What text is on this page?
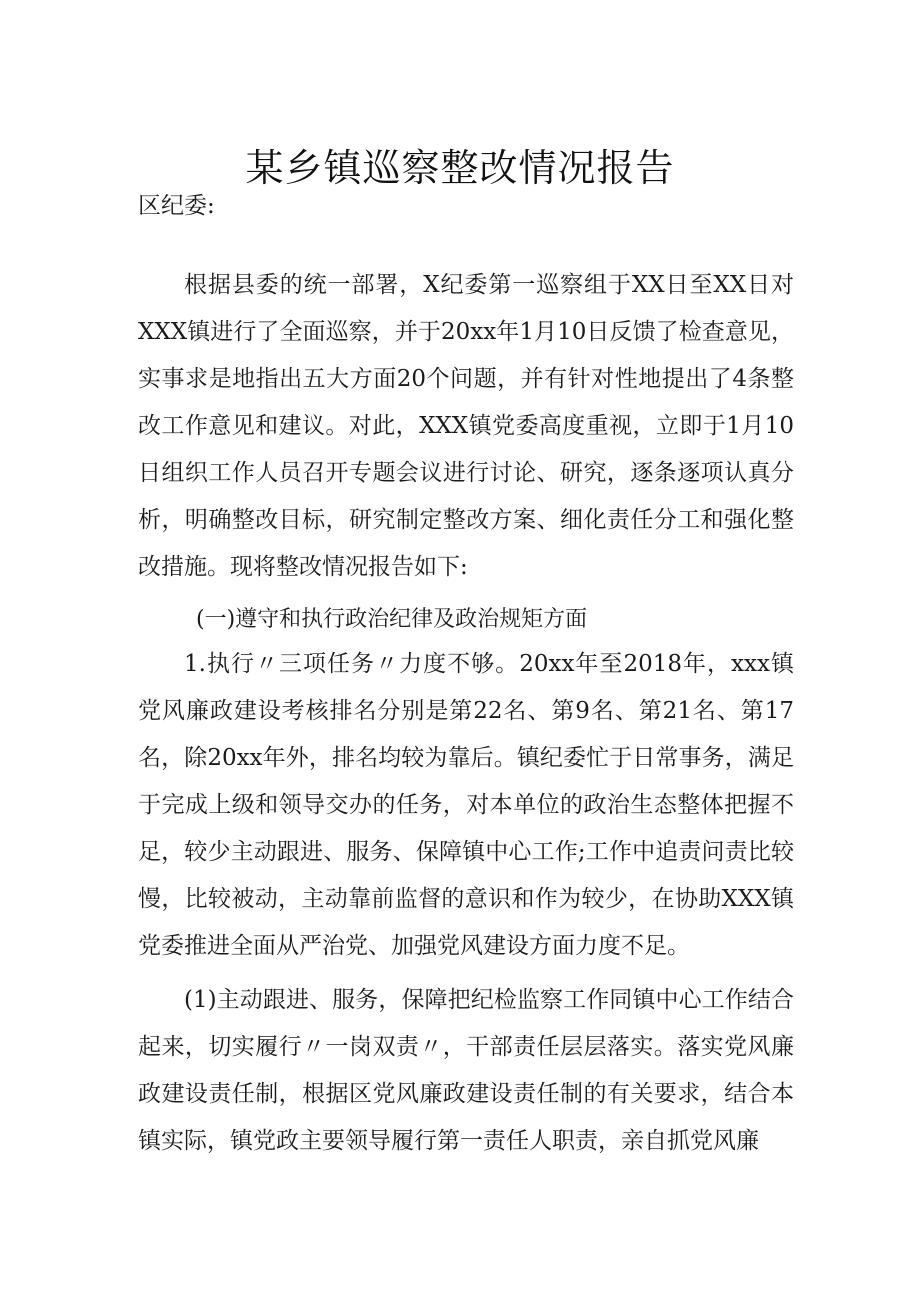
某乡镇巡察整改情况报告

区纪委:

根据县委的统一部署，X纪委第一巡察组于XX日至XX日对XXX镇进行了全面巡察，并于20xx年1月10日反馈了检查意见，实事求是地指出五大方面20个问题，并有针对性地提出了4条整改工作意见和建议。对此，XXX镇党委高度重视，立即于1月10日组织工作人员召开专题会议进行讨论、研究，逐条逐项认真分析，明确整改目标，研究制定整改方案、细化责任分工和强化整改措施。现将整改情况报告如下:

(一)遵守和执行政治纪律及政治规矩方面

1.执行〃三项任务〃力度不够。20xx年至2018年，xxx镇党风廉政建设考核排名分别是第22名、第9名、第21名、第17名，除20xx年外，排名均较为靠后。镇纪委忙于日常事务，满足于完成上级和领导交办的任务，对本单位的政治生态整体把握不足，较少主动跟进、服务、保障镇中心工作;工作中追责问责比较慢，比较被动，主动靠前监督的意识和作为较少，在协助XXX镇党委推进全面从严治党、加强党风建设方面力度不足。

(1)主动跟进、服务，保障把纪检监察工作同镇中心工作结合起来，切实履行〃一岗双责〃，干部责任层层落实。落实党风廉政建设责任制，根据区党风廉政建设责任制的有关要求，结合本镇实际，镇党政主要领导履行第一责任人职责，亲自抓党风廉
